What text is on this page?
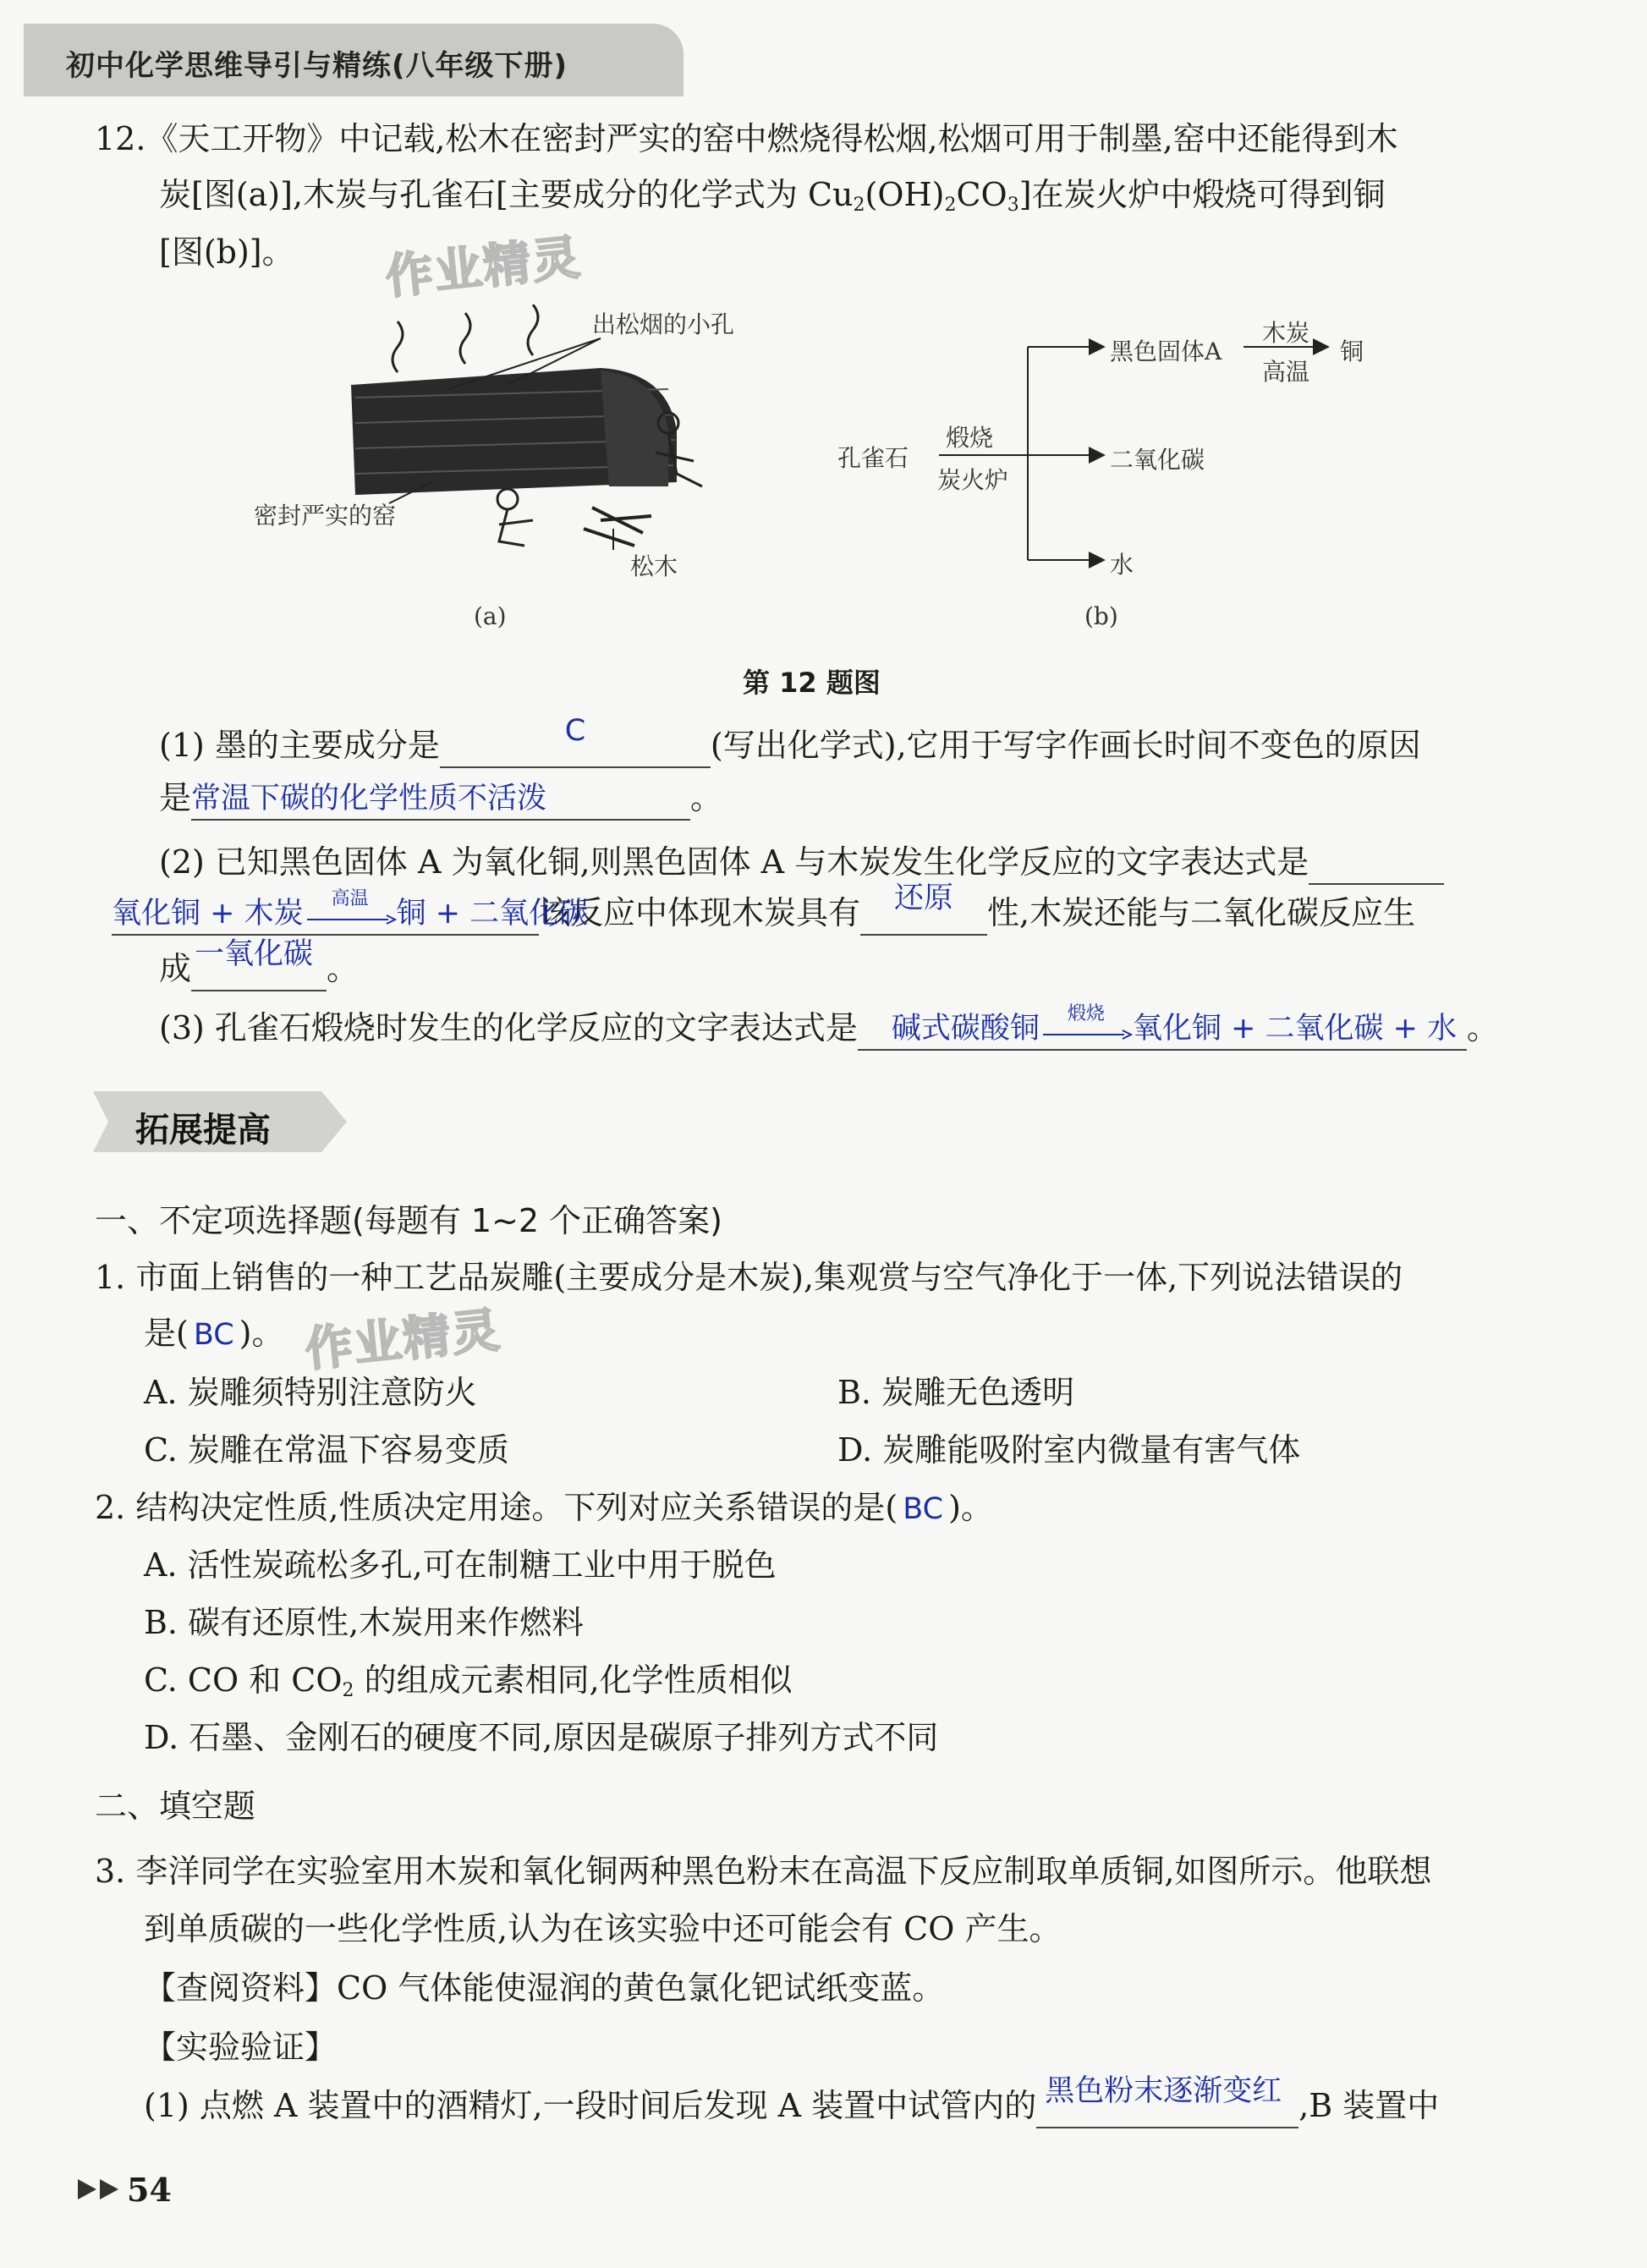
初中化学思维导引与精练(八年级下册)
12.《天工开物》中记载,松木在密封严实的窑中燃烧得松烟,松烟可用于制墨,窑中还能得到木
炭[图(a)],木炭与孔雀石[主要成分的化学式为 $Cu_2(OH)_2CO_3$]在炭火炉中煅烧可得到铜
[图(b)]。 作业精灵
出松烟的小孔
密封严实的窑
松木
(a)
孔雀石
煅烧
炭火炉
黑色固体A
木炭
高温
铜
二氧化碳
水
(b)
第 12 题图
(1) 墨的主要成分是	C	(写出化学式),它用于写字作画长时间不变色的原因
是常温下碳的化学性质不活泼	。
(2) 已知黑色固体 A 为氧化铜,则黑色固体 A 与木炭发生化学反应的文字表达式是
氧化铜 + 木炭	高温 铜 + 二氧化碳该反应中体现木炭具有	还原	性,木炭还能与二氧化碳反应生
成 一氧化碳 。
(3) 孔雀石煅烧时发生的化学反应的文字表达式是 碱式碳酸铜	煅烧 氧化铜 + 二氧化碳 + 水 。
拓展提高
一、不定项选择题(每题有 1~2 个正确答案)
1. 市面上销售的一种工艺品炭雕(主要成分是木炭),集观赏与空气净化于一体,下列说法错误的
是( BC )。 作业精灵
A. 炭雕须特别注意防火	B. 炭雕无色透明
C. 炭雕在常温下容易变质	D. 炭雕能吸附室内微量有害气体
2. 结构决定性质,性质决定用途。下列对应关系错误的是( BC )。
A. 活性炭疏松多孔,可在制糖工业中用于脱色
B. 碳有还原性,木炭用来作燃料
C. CO 和 $CO_2$ 的组成元素相同,化学性质相似
D. 石墨、金刚石的硬度不同,原因是碳原子排列方式不同
二、填空题
3. 李洋同学在实验室用木炭和氧化铜两种黑色粉末在高温下反应制取单质铜,如图所示。他联想
到单质碳的一些化学性质,认为在该实验中还可能会有 CO 产生。
【查阅资料】CO 气体能使湿润的黄色氯化钯试纸变蓝。
【实验验证】
(1) 点燃 A 装置中的酒精灯,一段时间后发现 A 装置中试管内的 黑色粉末逐渐变红 ,B 装置中
54
